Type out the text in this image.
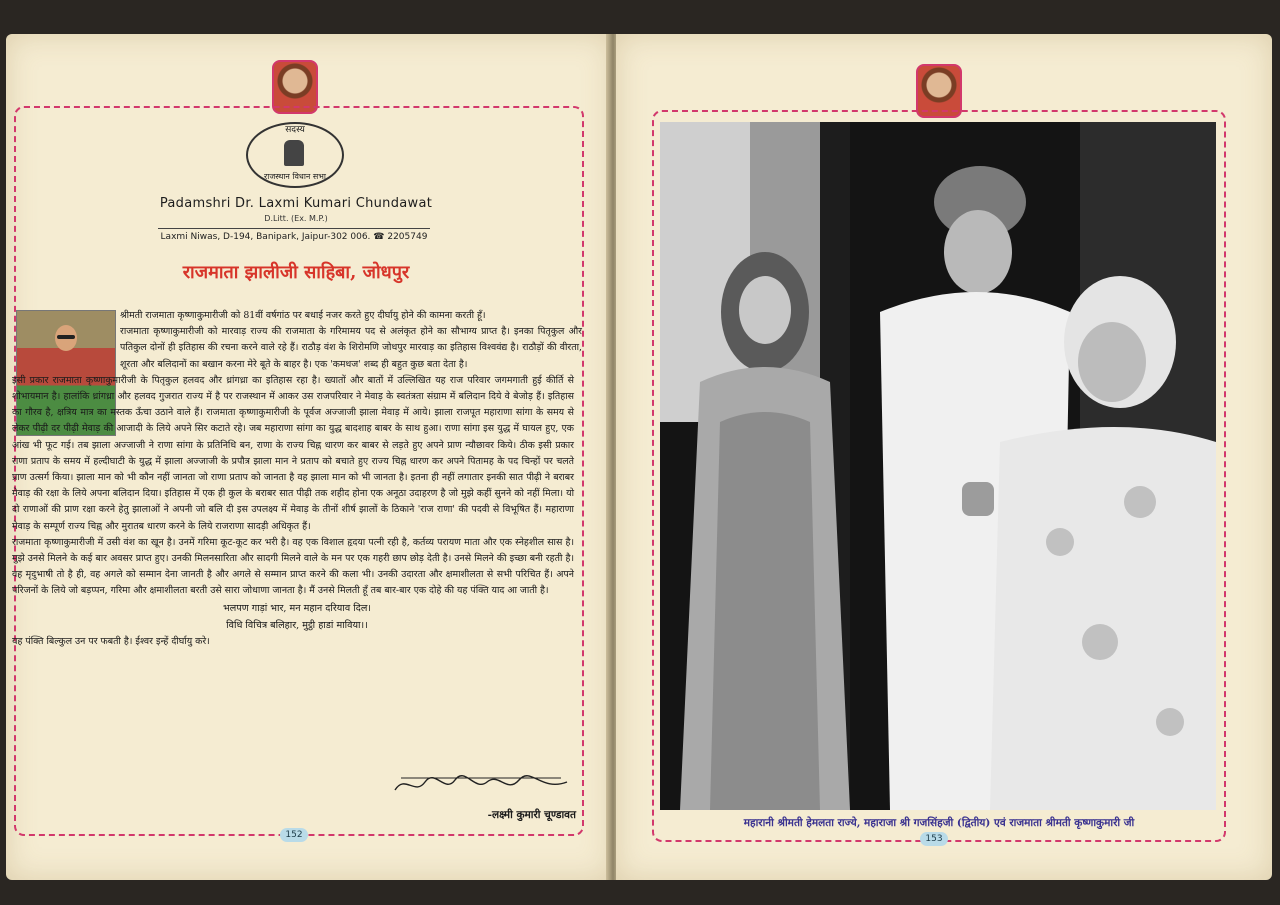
सदस्य
राजस्थान विधान सभा
Padamshri Dr. Laxmi Kumari Chundawat
D.Litt. (Ex. M.P.)
Laxmi Niwas, D-194, Banipark, Jaipur-302 006. ☎ 2205749
राजमाता झालीजी साहिबा, जोधपुर

श्रीमती राजमाता कृष्णाकुमारीजी को 81वीं वर्षगांठ पर बधाई नजर करते हुए दीर्घायु होने की कामना करती हूँ।

राजमाता कृष्णाकुमारीजी को मारवाड़ राज्य की राजमाता के गरिमामय पद से अलंकृत होने का सौभाग्य प्राप्त है। इनका पितृकुल और पतिकुल दोनों ही इतिहास की रचना करने वाले रहे हैं। राठौड़ वंश के शिरोमणि जोधपुर मारवाड़ का इतिहास विश्ववंद्य है। राठौड़ों की वीरता, शूरता और बलिदानों का बखान करना मेरे बूते के बाहर है। एक 'कमधज' शब्द ही बहुत कुछ बता देता है।

इसी प्रकार राजमाता कृष्णाकुमारीजी के पितृकुल हलवद और ध्रांगध्रा का इतिहास रहा है। ख्यातों और बातों में उल्लिखित यह राज परिवार जगमगाती हुई कीर्ति से शोभायमान है। हालांकि ध्रांगध्रा और हलवद गुजरात राज्य में है पर राजस्थान में आकर उस राजपरिवार ने मेवाड़ के स्वतंत्रता संग्राम में बलिदान दिये वे बेजोड़ हैं। इतिहास का गौरव है, क्षत्रिय मात्र का मस्तक ऊँचा उठाने वाले हैं। राजमाता कृष्णाकुमारीजी के पूर्वज अज्जाजी झाला मेवाड़ में आये। झाला राजपूत महाराणा सांगा के समय से लेकर पीढ़ी दर पीढ़ी मेवाड़ की आजादी के लिये अपने सिर कटाते रहे। जब महाराणा सांगा का युद्ध बादशाह बाबर के साथ हुआ। राणा सांगा इस युद्ध में घायल हुए, एक आंख भी फूट गई। तब झाला अज्जाजी ने राणा सांगा के प्रतिनिधि बन, राणा के राज्य चिह्न धारण कर बाबर से लड़ते हुए अपने प्राण न्यौछावर किये। ठीक इसी प्रकार राणा प्रताप के समय में हल्दीघाटी के युद्ध में झाला अज्जाजी के प्रपौत्र झाला मान ने प्रताप को बचाते हुए राज्य चिह्न धारण कर अपने पितामह के पद चिन्हों पर चलते प्राण उत्सर्ग किया। झाला मान को भी कौन नहीं जानता जो राणा प्रताप को जानता है वह झाला मान को भी जानता है। इतना ही नहीं लगातार इनकी सात पीढ़ी ने बराबर मेवाड़ की रक्षा के लिये अपना बलिदान दिया। इतिहास में एक ही कुल के बराबर सात पीढ़ी तक शहीद होना एक अनूठा उदाहरण है जो मुझे कहीं सुनने को नहीं मिला। यो दो राणाओं की प्राण रक्षा करने हेतु झालाओं ने अपनी जो बलि दी इस उपलक्ष्य में मेवाड़ के तीनों शीर्ष झालों के ठिकाने 'राज राणा' की पदवी से विभूषित हैं। महाराणा मेवाड़ के सम्पूर्ण राज्य चिह्न और मुरातब धारण करने के लिये राजराणा सादड़ी अधिकृत हैं।

राजमाता कृष्णाकुमारीजी में उसी वंश का खून है। उनमें गरिमा कूट-कूट कर भरी है। वह एक विशाल हृदया पत्नी रही है, कर्तव्य परायण माता और एक स्नेहशील सास है। मुझे उनसे मिलने के कई बार अवसर प्राप्त हुए। उनकी मिलनसारिता और सादगी मिलने वाले के मन पर एक गहरी छाप छोड़ देती है। उनसे मिलने की इच्छा बनी रहती है। वह मृदुभाषी तो है ही, वह अगले को सम्मान देना जानती है और अगले से सम्मान प्राप्त करने की कला भी। उनकी उदारता और क्षमाशीलता से सभी परिचित हैं। अपने परिजनों के लिये जो बड़प्पन, गरिमा और क्षमाशीलता बरती उसे सारा जोधाणा जानता है। मैं उनसे मिलती हूँ तब बार-बार एक दोहे की यह पंक्ति याद आ जाती है।

भलपण गाड़ां भार, मन महान दरियाव दिल।

विधि विचित्र बलिहार, मुट्ठी हाडां माविया।।

यह पंक्ति बिल्कुल उन पर फबती है। ईश्वर इन्हें दीर्घायु करे।

-लक्ष्मी कुमारी चूण्डावत
152
महारानी श्रीमती हेमलता राज्ये, महाराजा श्री गजसिंहजी (द्वितीय) एवं राजमाता श्रीमती कृष्णाकुमारी जी
153
